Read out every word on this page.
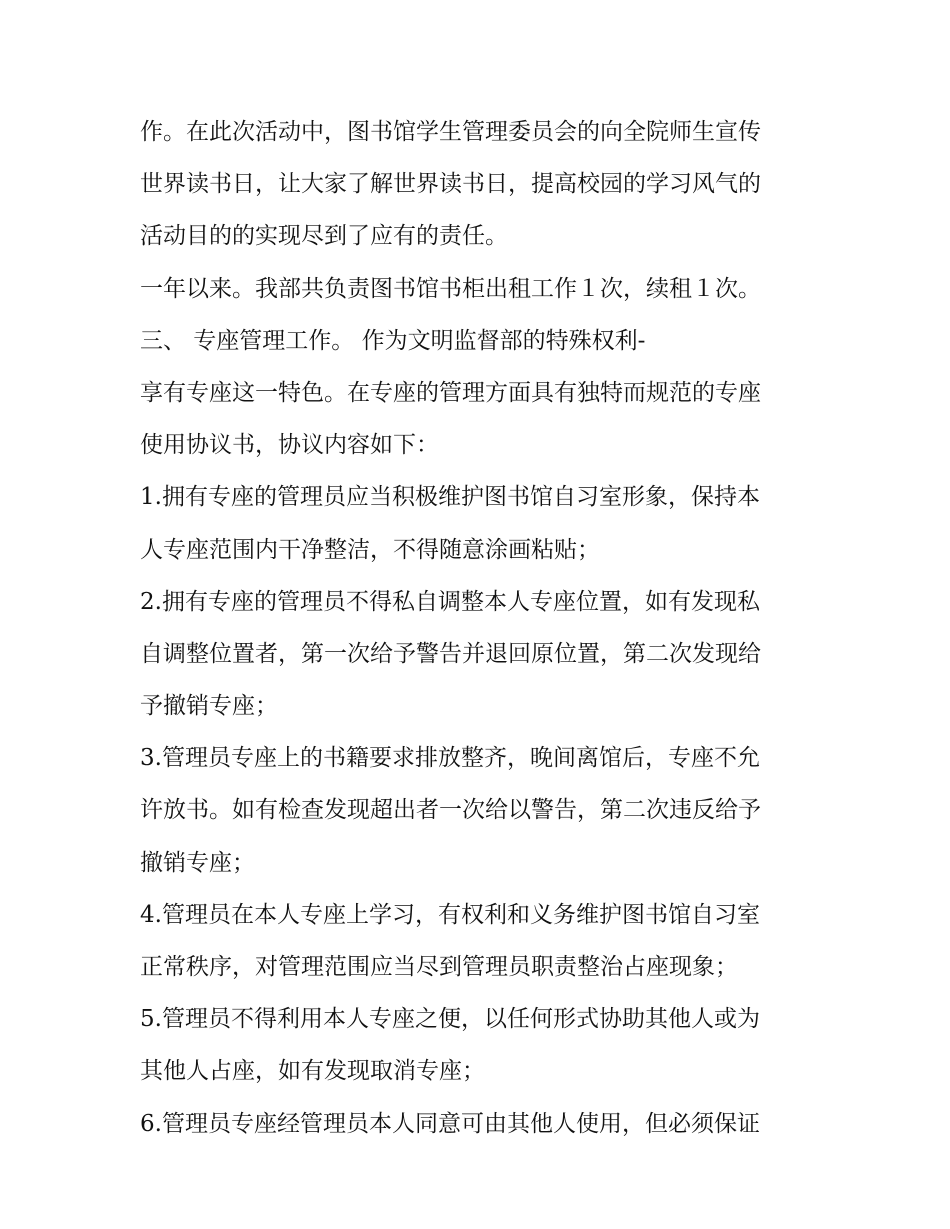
作。在此次活动中，图书馆学生管理委员会的向全院师生宣传

世界读书日，让大家了解世界读书日，提高校园的学习风气的

活动目的的实现尽到了应有的责任。

一年以来。我部共负责图书馆书柜出租工作１次，续租１次。

三、 专座管理工作。 作为文明监督部的特殊权利-

享有专座这一特色。在专座的管理方面具有独特而规范的专座

使用协议书，协议内容如下：

1.拥有专座的管理员应当积极维护图书馆自习室形象，保持本

人专座范围内干净整洁，不得随意涂画粘贴；

2.拥有专座的管理员不得私自调整本人专座位置，如有发现私

自调整位置者，第一次给予警告并退回原位置，第二次发现给

予撤销专座；

3.管理员专座上的书籍要求排放整齐，晚间离馆后，专座不允

许放书。如有检查发现超出者一次给以警告，第二次违反给予

撤销专座；

4.管理员在本人专座上学习，有权利和义务维护图书馆自习室

正常秩序，对管理范围应当尽到管理员职责整治占座现象；

5.管理员不得利用本人专座之便，以任何形式协助其他人或为

其他人占座，如有发现取消专座；

6.管理员专座经管理员本人同意可由其他人使用，但必须保证
